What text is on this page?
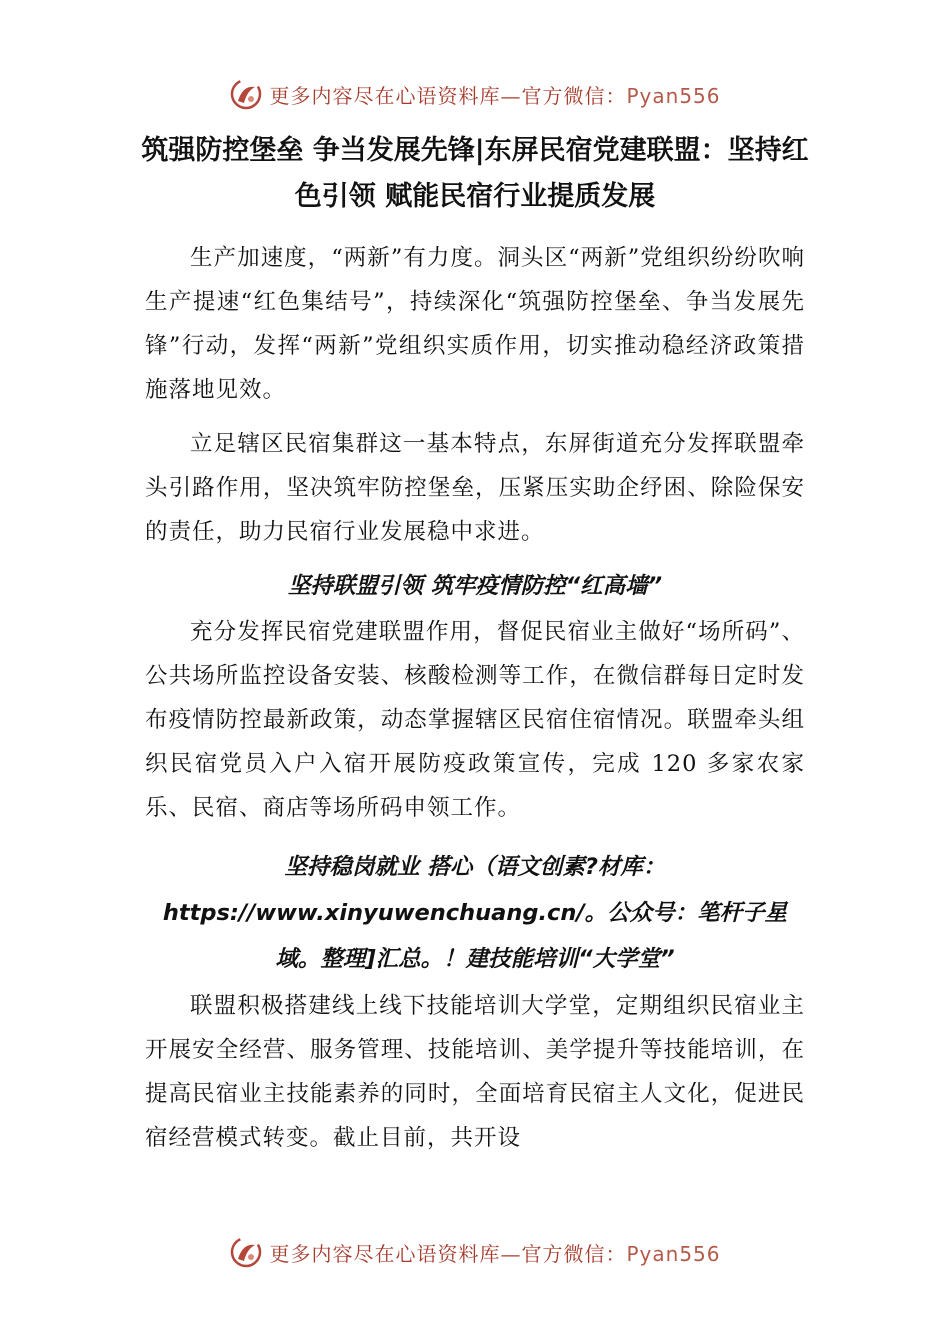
更多内容尽在心语资料库—官方微信：Pyan556
筑强防控堡垒 争当发展先锋|东屏民宿党建联盟：坚持红色引领 赋能民宿行业提质发展

生产加速度，“两新”有力度。洞头区“两新”党组织纷纷吹响生产提速“红色集结号”，持续深化“筑强防控堡垒、争当发展先锋”行动，发挥“两新”党组织实质作用，切实推动稳经济政策措施落地见效。

立足辖区民宿集群这一基本特点，东屏街道充分发挥联盟牵头引路作用，坚决筑牢防控堡垒，压紧压实助企纾困、除险保安的责任，助力民宿行业发展稳中求进。

坚持联盟引领 筑牢疫情防控“红高墙”

充分发挥民宿党建联盟作用，督促民宿业主做好“场所码”、公共场所监控设备安装、核酸检测等工作，在微信群每日定时发布疫情防控最新政策，动态掌握辖区民宿住宿情况。联盟牵头组织民宿党员入户入宿开展防疫政策宣传，完成 120 多家农家乐、民宿、商店等场所码申领工作。

坚持稳岗就业 搭心（语文创素?材库：https://www.xinyuwenchuang.cn/。公众号：笔杆子星域。整理]汇总。！建技能培训“大学堂”

联盟积极搭建线上线下技能培训大学堂，定期组织民宿业主开展安全经营、服务管理、技能培训、美学提升等技能培训，在提高民宿业主技能素养的同时，全面培育民宿主人文化，促进民宿经营模式转变。截止目前，共开设

更多内容尽在心语资料库—官方微信：Pyan556
